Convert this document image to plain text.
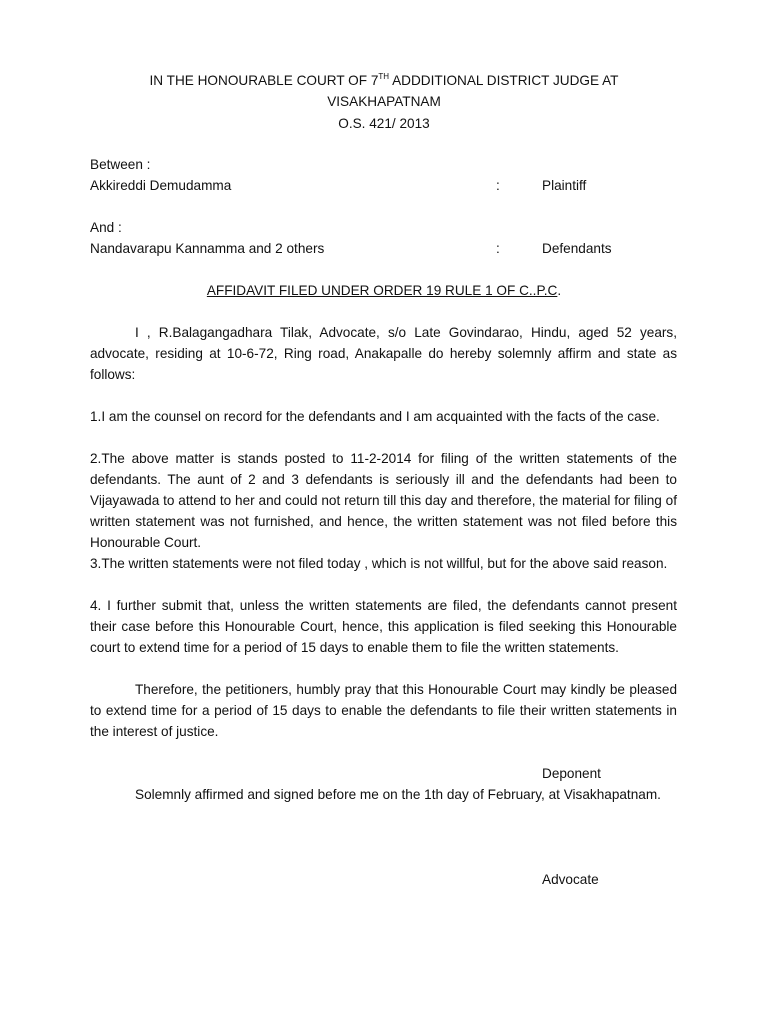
IN THE HONOURABLE COURT OF 7TH ADDDITIONAL DISTRICT JUDGE AT
VISAKHAPATNAM
O.S. 421/ 2013
Between :
Akkireddi Demudamma	:	Plaintiff
And :
Nandavarapu Kannamma and 2 others	:	Defendants
AFFIDAVIT FILED UNDER ORDER 19 RULE 1 OF C..P.C.
I , R.Balagangadhara Tilak, Advocate, s/o Late Govindarao, Hindu, aged 52 years, advocate, residing at 10-6-72, Ring road, Anakapalle do hereby solemnly affirm and state as follows:
1.I am the counsel on record for the defendants and I am acquainted with the facts of the case.
2.The above matter is stands posted to 11-2-2014 for filing of the written statements of the defendants. The aunt of 2 and 3 defendants is seriously ill and the defendants had been to Vijayawada to attend to her and could not return till this day and therefore, the material for filing of written statement was not furnished, and hence, the written statement was not filed before this Honourable Court.
3.The written statements were not filed today , which is not willful, but for the above said reason.
4. I further submit that, unless the written statements are filed, the defendants cannot present their case before this Honourable Court, hence, this application is filed seeking this Honourable court to extend time for a period of 15 days to enable them to file the written statements.
Therefore, the petitioners, humbly pray that this Honourable Court may kindly be pleased to extend time for a period of 15 days to enable the defendants to file their written statements in the interest of justice.
Deponent
Solemnly affirmed and signed before me on the 1th day of February, at Visakhapatnam.
Advocate
